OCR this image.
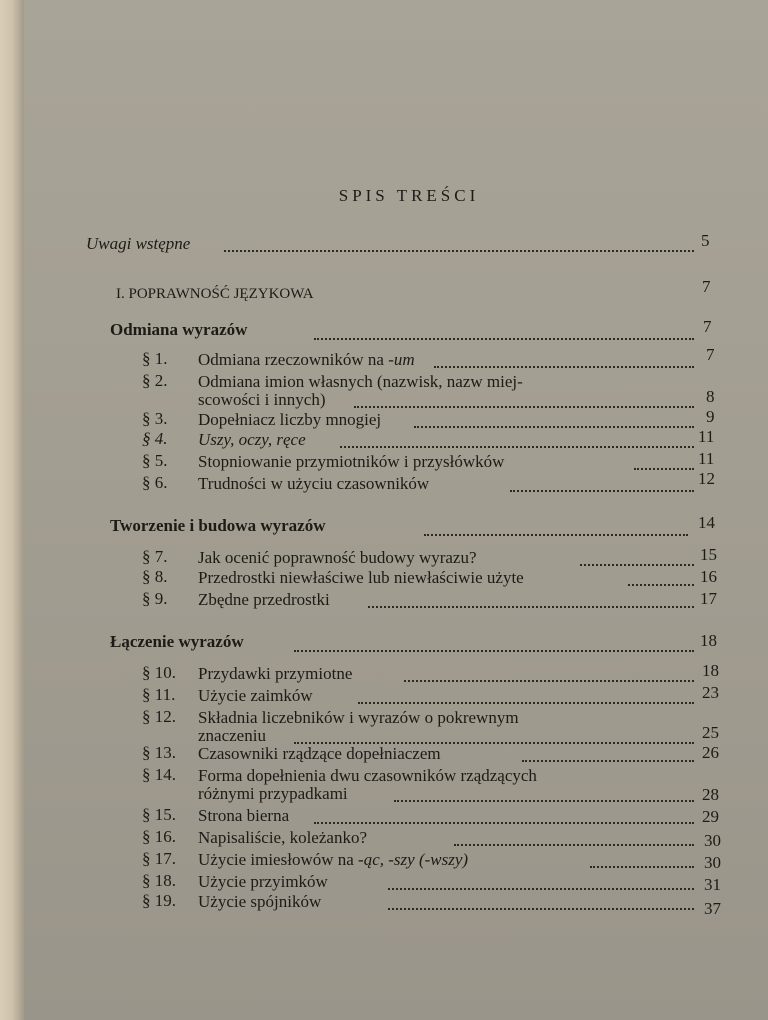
SPIS TREŚCI
Uwagi wstępne	5
I. POPRAWNOŚĆ JĘZYKOWA	7
Odmiana wyrazów	7
§ 1. Odmiana rzeczowników na -um	7
§ 2. Odmiana imion własnych (nazwisk, nazw miej-
scowości i innych)	8
§ 3. Dopełniacz liczby mnogiej	9
§ 4. Uszy, oczy, ręce	11
§ 5. Stopniowanie przymiotników i przysłówków	11
§ 6. Trudności w użyciu czasowników	12
Tworzenie i budowa wyrazów	14
§ 7. Jak ocenić poprawność budowy wyrazu?	15
§ 8. Przedrostki niewłaściwe lub niewłaściwie użyte	16
§ 9. Zbędne przedrostki	17
Łączenie wyrazów	18
§ 10. Przydawki przymiotne	18
§ 11. Użycie zaimków	23
§ 12. Składnia liczebników i wyrazów o pokrewnym
znaczeniu	25
§ 13. Czasowniki rządzące dopełniaczem	26
§ 14. Forma dopełnienia dwu czasowników rządzących
różnymi przypadkami	28
§ 15. Strona bierna	29
§ 16. Napisaliście, koleżanko?	30
§ 17. Użycie imiesłowów na -ąc, -szy (-wszy)	30
§ 18. Użycie przyimków	31
§ 19. Użycie spójników	37
